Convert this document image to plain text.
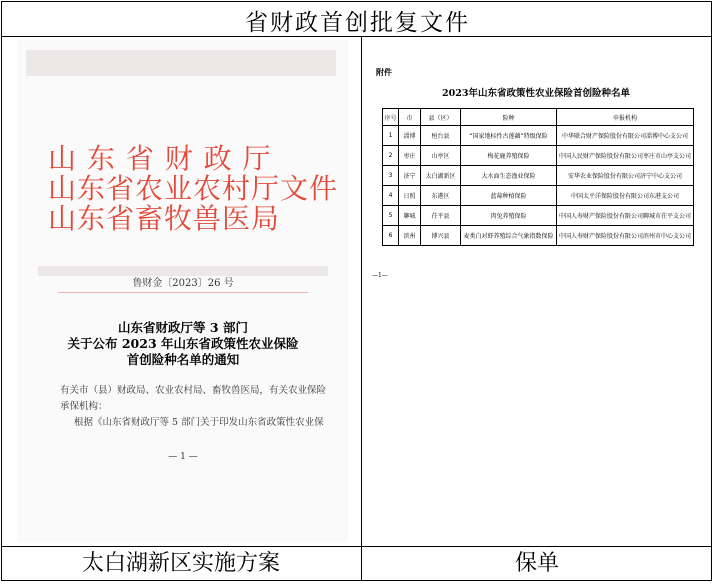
省财政首创批复文件
山 东 省 财 政 厅
山东省农业农村厅文件
山东省畜牧兽医局
鲁财金〔2023〕26 号
山东省财政厅等 3 部门
关于公布 2023 年山东省政策性农业保险
首创险种名单的通知
有关市（县）财政局、农业农村局、畜牧兽医局，有关农业保险
承保机构：
根据《山东省财政厅等 5 部门关于印发山东省政策性农业保
— 1 —
附件
2023年山东省政策性农业保险首创险种名单
序号	市	县（区）	险种	申报机构
1	淄博	桓台县	“国家地标性古莲藕”特级保险	中华联合财产保险股份有限公司淄博中心支公司
2	枣庄	山亭区	梅花鹿养殖保险	中国人民财产保险股份有限公司枣庄市山亭支公司
3	济宁	太白湖新区	大水面生态渔业保险	安华农业保险股份有限公司济宁中心支公司
4	日照	东港区	蓝莓种植保险	中国太平洋保险股份有限公司东港支公司
5	聊城	茌平县	肉兔养殖保险	中国人寿财产保险股份有限公司聊城市茌平支公司
6	滨州	博兴县	麦类白对虾养殖综合气象指数保险	中国人寿财产保险股份有限公司滨州市中心支公司
—1—
太白湖新区实施方案	保单
